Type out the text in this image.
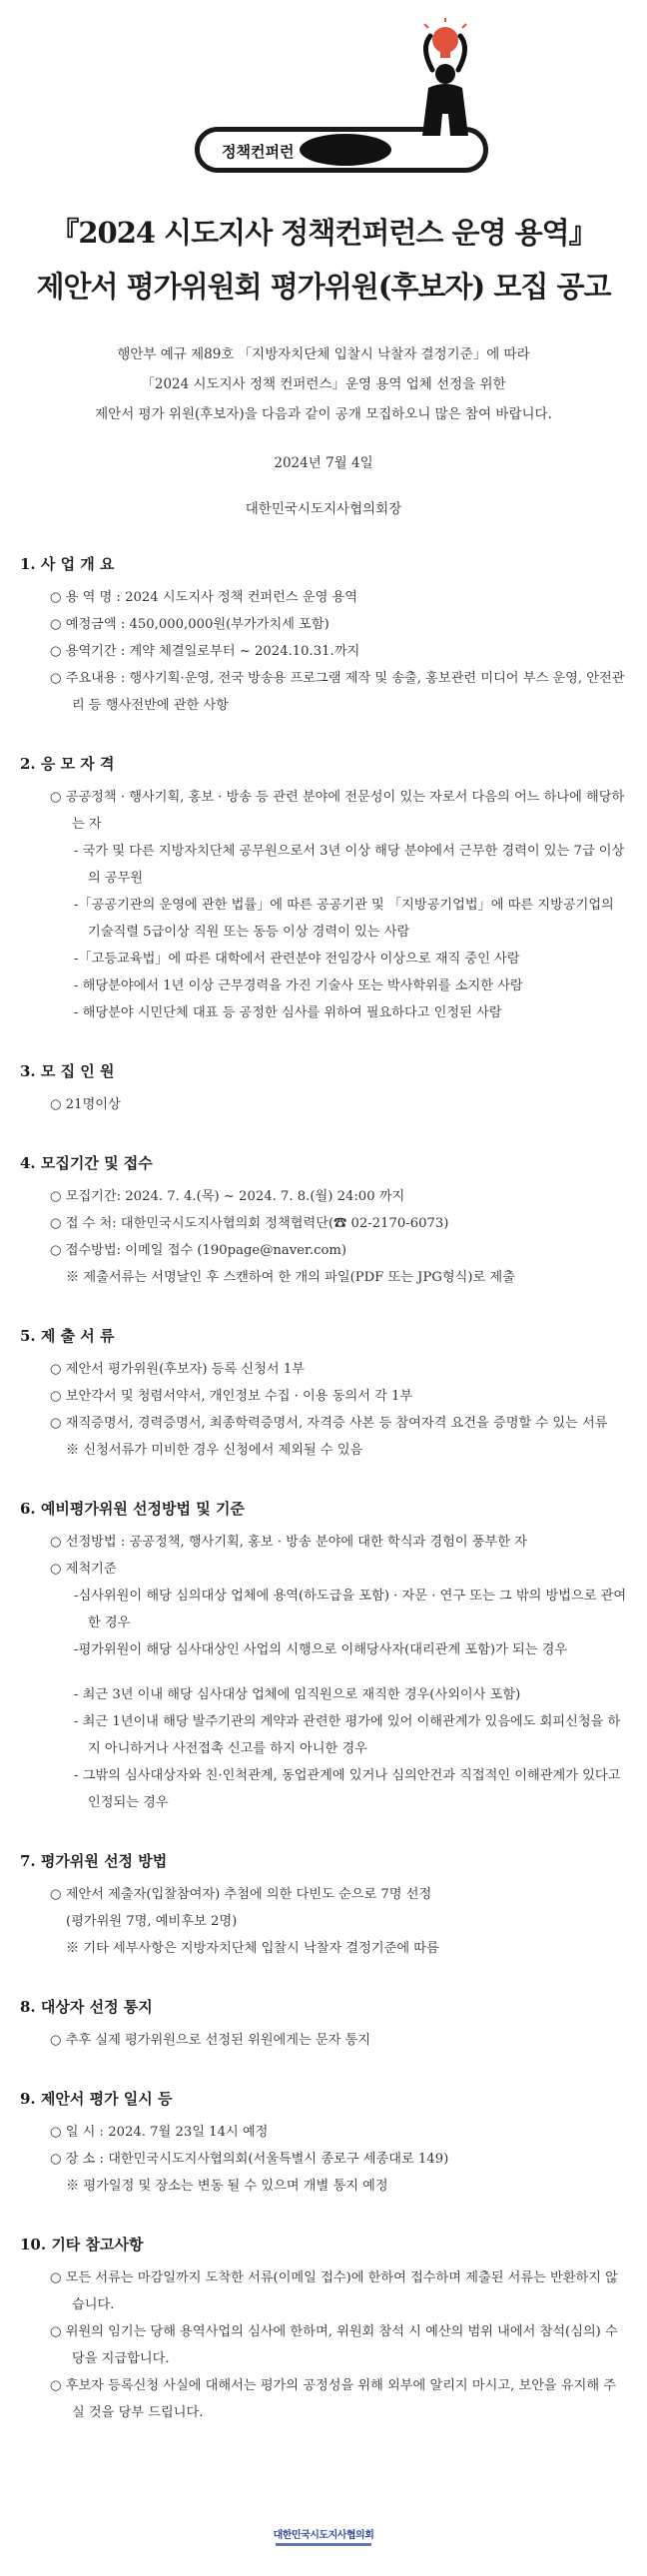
정책컨퍼런
『2024 시도지사 정책컨퍼런스 운영 용역』
제안서 평가위원회 평가위원(후보자) 모집 공고
행안부 예규 제89호 「지방자치단체 입찰시 낙찰자 결정기준」에 따라
「2024 시도지사 정책 컨퍼런스」운영 용역 업체 선정을 위한
제안서 평가 위원(후보자)을 다음과 같이 공개 모집하오니 많은 참여 바랍니다.
2024년 7월 4일
대한민국시도지사협의회장
1. 사 업 개 요
○ 용 역 명 : 2024 시도지사 정책 컨퍼런스 운영 용역
○ 예정금액 : 450,000,000원(부가가치세 포함)
○ 용역기간 : 계약 체결일로부터 ~ 2024.10.31.까지
○ 주요내용 : 행사기획·운영, 전국 방송용 프로그램 제작 및 송출, 홍보관련 미디어 부스 운영, 안전관리 등 행사전반에 관한 사항
2. 응 모 자 격
○ 공공정책 · 행사기획, 홍보 · 방송 등 관련 분야에 전문성이 있는 자로서 다음의 어느 하나에 해당하는 자
- 국가 및 다른 지방자치단체 공무원으로서 3년 이상 해당 분야에서 근무한 경력이 있는 7급 이상의 공무원
-「공공기관의 운영에 관한 법률」에 따른 공공기관 및 「지방공기업법」에 따른 지방공기업의 기술직렬 5급이상 직원 또는 동등 이상 경력이 있는 사람
-「고등교육법」에 따른 대학에서 관련분야 전임강사 이상으로 재직 중인 사람
- 해당분야에서 1년 이상 근무경력을 가진 기술사 또는 박사학위를 소지한 사람
- 해당분야 시민단체 대표 등 공정한 심사를 위하여 필요하다고 인정된 사람
3. 모 집 인 원
○ 21명이상
4. 모집기간 및 접수
○ 모집기간: 2024. 7. 4.(목) ~ 2024. 7. 8.(월) 24:00 까지
○ 접 수 처: 대한민국시도지사협의회 정책협력단(☎ 02-2170-6073)
○ 접수방법: 이메일 접수 (190page@naver.com)
※ 제출서류는 서명날인 후 스캔하여 한 개의 파일(PDF 또는 JPG형식)로 제출
5. 제 출 서 류
○ 제안서 평가위원(후보자) 등록 신청서 1부
○ 보안각서 및 청렴서약서, 개인정보 수집 · 이용 동의서 각 1부
○ 재직증명서, 경력증명서, 최종학력증명서, 자격증 사본 등 참여자격 요건을 증명할 수 있는 서류
※ 신청서류가 미비한 경우 신청에서 제외될 수 있음
6. 예비평가위원 선정방법 및 기준
○ 선정방법 : 공공정책, 행사기획, 홍보 · 방송 분야에 대한 학식과 경험이 풍부한 자
○ 제척기준
-심사위원이 해당 심의대상 업체에 용역(하도급을 포함) · 자문 · 연구 또는 그 밖의 방법으로 관여한 경우
-평가위원이 해당 심사대상인 사업의 시행으로 이해당사자(대리관계 포함)가 되는 경우
- 최근 3년 이내 해당 심사대상 업체에 임직원으로 재직한 경우(사외이사 포함)
- 최근 1년이내 해당 발주기관의 계약과 관련한 평가에 있어 이해관계가 있음에도 회피신청을 하지 아니하거나 사전접촉 신고를 하지 아니한 경우
- 그밖의 심사대상자와 친·인척관계, 동업관계에 있거나 심의안건과 직접적인 이해관계가 있다고 인정되는 경우
7. 평가위원 선정 방법
○ 제안서 제출자(입찰참여자) 추첨에 의한 다빈도 순으로 7명 선정
(평가위원 7명, 예비후보 2명)
※ 기타 세부사항은 지방자치단체 입찰시 낙찰자 결정기준에 따름
8. 대상자 선정 통지
○ 추후 실제 평가위원으로 선정된 위원에게는 문자 통지
9. 제안서 평가 일시 등
○ 일 시 : 2024. 7월 23일 14시 예정
○ 장 소 : 대한민국시도지사협의회(서울특별시 종로구 세종대로 149)
※ 평가일정 및 장소는 변동 될 수 있으며 개별 통지 예정
10. 기타 참고사항
○ 모든 서류는 마감일까지 도착한 서류(이메일 접수)에 한하여 접수하며 제출된 서류는 반환하지 않습니다.
○ 위원의 임기는 당해 용역사업의 심사에 한하며, 위원회 참석 시 예산의 범위 내에서 참석(심의) 수당을 지급합니다.
○ 후보자 등록신청 사실에 대해서는 평가의 공정성을 위해 외부에 알리지 마시고, 보안을 유지해 주실 것을 당부 드립니다.
대한민국시도지사협의회
